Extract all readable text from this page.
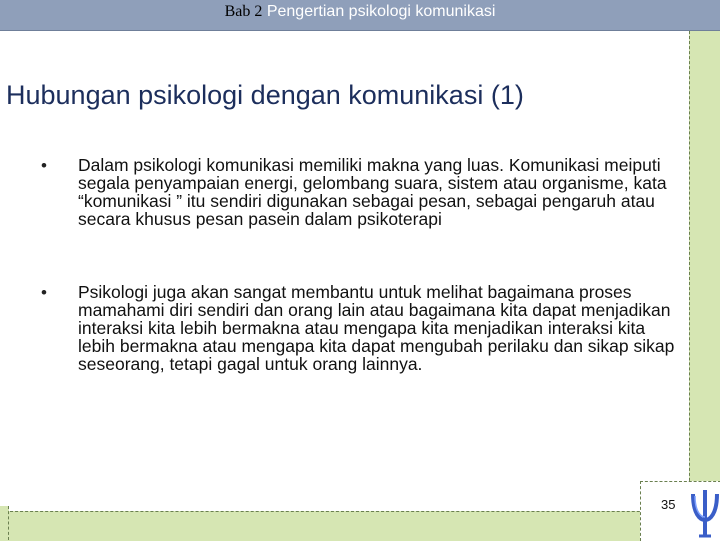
Bab 2 Pengertian psikologi komunikasi
Hubungan psikologi dengan komunikasi (1)
• Dalam psikologi komunikasi memiliki makna yang luas. Komunikasi meiputi segala penyampaian energi, gelombang suara, sistem atau organisme, kata “komunikasi ” itu sendiri digunakan sebagai pesan, sebagai pengaruh atau secara khusus pesan pasein dalam psikoterapi
• Psikologi juga akan sangat membantu untuk melihat bagaimana proses mamahami diri sendiri dan orang lain atau bagaimana kita dapat menjadikan interaksi kita lebih bermakna atau mengapa kita menjadikan interaksi kita lebih bermakna atau mengapa kita dapat mengubah perilaku dan sikap sikap seseorang, tetapi gagal untuk orang lainnya.
35
